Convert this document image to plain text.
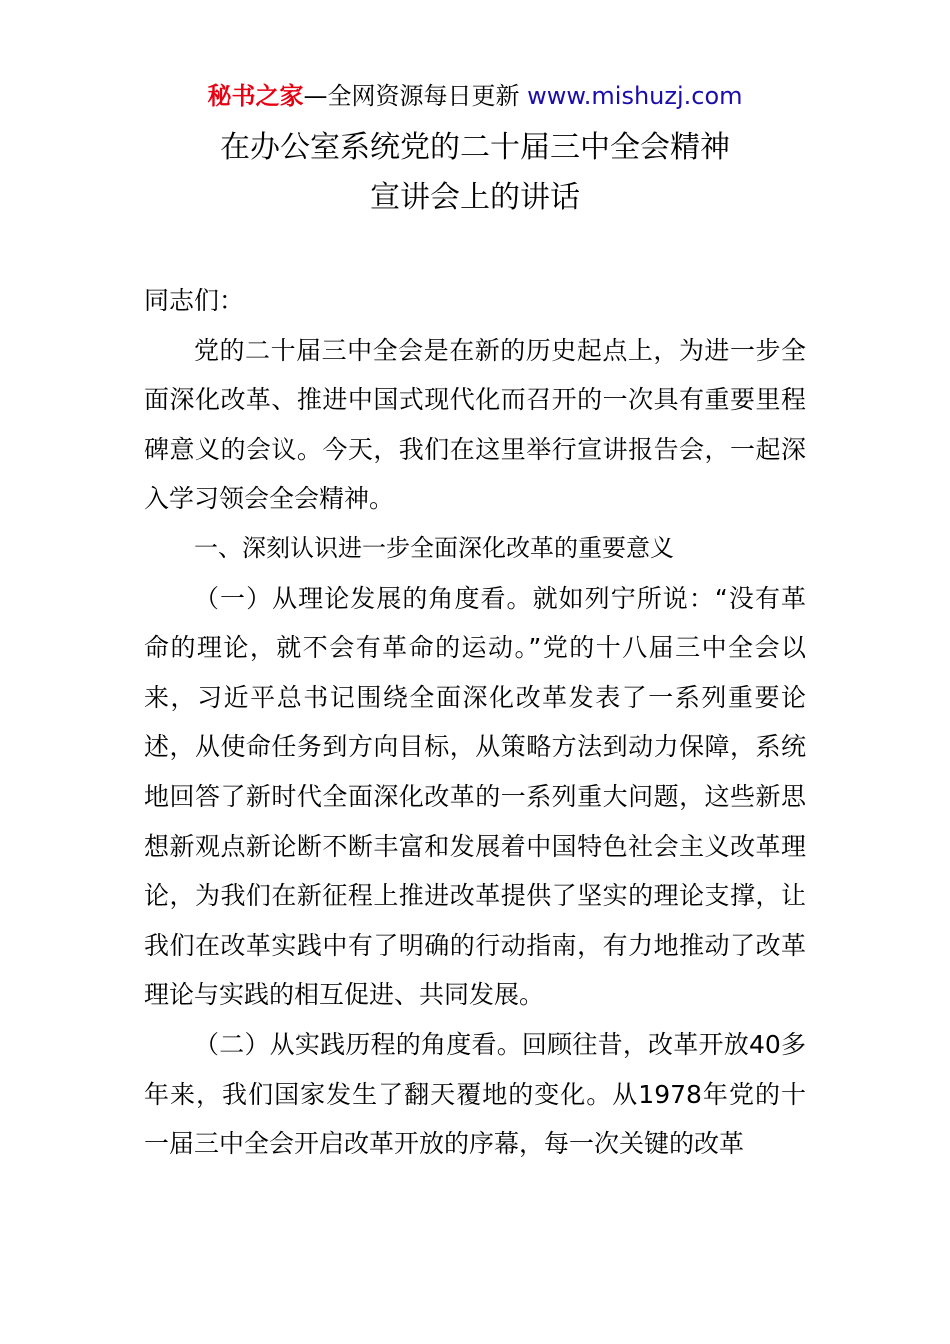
秘书之家—全网资源每日更新 www.mishuzj.com
在办公室系统党的二十届三中全会精神
宣讲会上的讲话

同志们：

党的二十届三中全会是在新的历史起点上，为进一步全面深化改革、推进中国式现代化而召开的一次具有重要里程碑意义的会议。今天，我们在这里举行宣讲报告会，一起深入学习领会全会精神。

一、深刻认识进一步全面深化改革的重要意义

（一）从理论发展的角度看。就如列宁所说：“没有革命的理论，就不会有革命的运动。”党的十八届三中全会以来，习近平总书记围绕全面深化改革发表了一系列重要论述，从使命任务到方向目标，从策略方法到动力保障，系统地回答了新时代全面深化改革的一系列重大问题，这些新思想新观点新论断不断丰富和发展着中国特色社会主义改革理论，为我们在新征程上推进改革提供了坚实的理论支撑，让我们在改革实践中有了明确的行动指南，有力地推动了改革理论与实践的相互促进、共同发展。

（二）从实践历程的角度看。回顾往昔，改革开放40多年来，我们国家发生了翻天覆地的变化。从1978年党的十一届三中全会开启改革开放的序幕，每一次关键的改革
